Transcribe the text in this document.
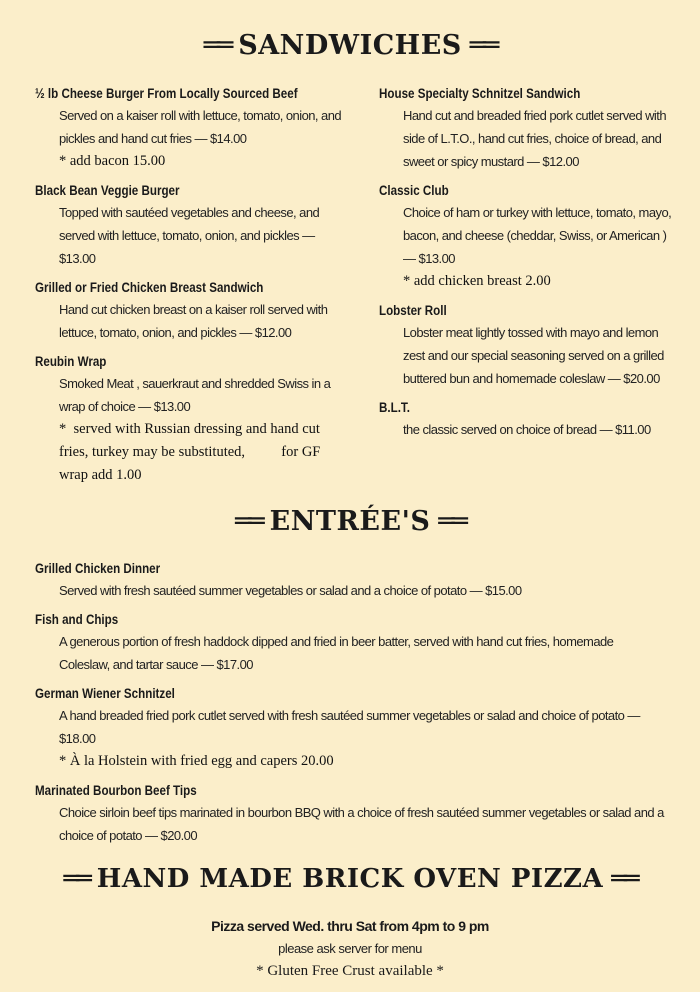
══ SANDWICHES ══
½ lb Cheese Burger From Locally Sourced Beef
Served on a kaiser roll with lettuce, tomato, onion, and pickles and hand cut fries — $14.00
* add bacon 15.00
Black Bean Veggie Burger
Topped with sautéed vegetables and cheese, and served with lettuce, tomato, onion, and pickles — $13.00
Grilled or Fried Chicken Breast Sandwich
Hand cut chicken breast on a kaiser roll served with lettuce, tomato, onion, and pickles — $12.00
Reubin Wrap
Smoked Meat , sauerkraut and shredded Swiss in a wrap of choice — $13.00
*  served with Russian dressing and hand cut fries, turkey may be substituted,          for GF wrap add 1.00
House Specialty Schnitzel Sandwich
Hand cut and breaded fried pork cutlet served with side of L.T.O., hand cut fries, choice of bread, and sweet or spicy mustard — $12.00
Classic Club
Choice of ham or turkey with lettuce, tomato, mayo, bacon, and cheese (cheddar, Swiss, or American ) — $13.00
* add chicken breast 2.00
Lobster Roll
Lobster meat lightly tossed with mayo and lemon zest and our special seasoning served on a grilled buttered bun and homemade coleslaw — $20.00
B.L.T.
the classic served on choice of bread — $11.00
══ ENTRÉE'S ══
Grilled Chicken Dinner
Served with fresh sautéed summer vegetables or salad and a choice of potato — $15.00
Fish and Chips
A generous portion of fresh haddock dipped and fried in beer batter, served with hand cut fries, homemade Coleslaw, and tartar sauce — $17.00
German Wiener Schnitzel
A hand breaded fried pork cutlet served with fresh sautéed summer vegetables or salad and choice of potato — $18.00
* À la Holstein with fried egg and capers 20.00
Marinated Bourbon Beef Tips
Choice sirloin beef tips marinated in bourbon BBQ with a choice of fresh sautéed summer vegetables or salad and a choice of potato — $20.00
══ HAND MADE BRICK OVEN PIZZA ══
Pizza served Wed. thru Sat from 4pm to 9 pm
please ask server for menu
* Gluten Free Crust available *
